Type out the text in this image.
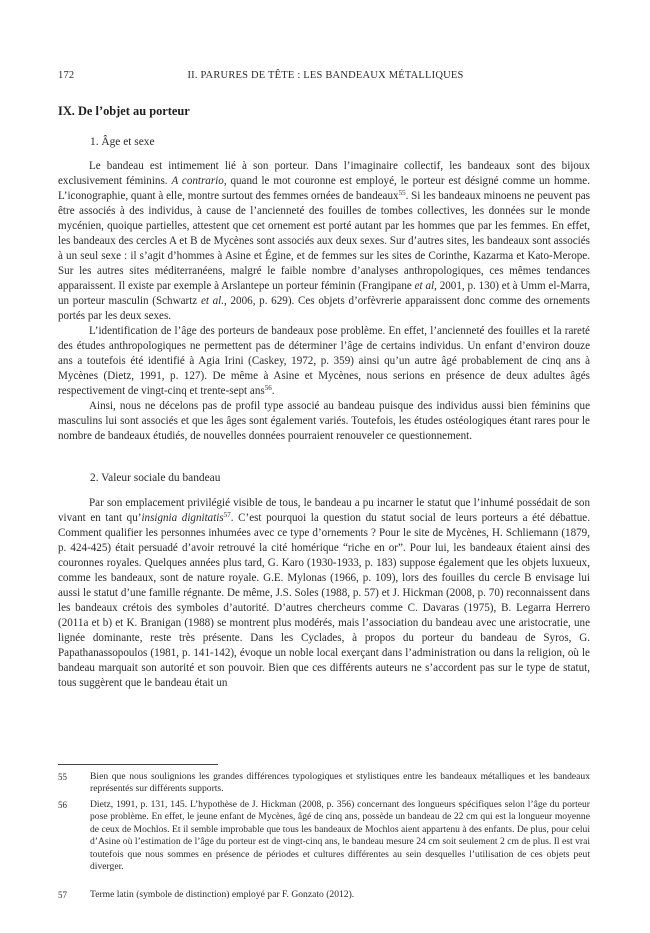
172	II. PARURES DE TÊTE : LES BANDEAUX MÉTALLIQUES
IX. De l’objet au porteur
1. Âge et sexe

Le bandeau est intimement lié à son porteur. Dans l’imaginaire collectif, les bandeaux sont des bijoux exclusivement féminins. A contrario, quand le mot couronne est employé, le porteur est désigné comme un homme. L’iconographie, quant à elle, montre surtout des femmes ornées de bandeaux$^{55}$. Si les bandeaux minoens ne peuvent pas être associés à des individus, à cause de l’ancienneté des fouilles de tombes collectives, les données sur le monde mycénien, quoique partielles, attestent que cet ornement est porté autant par les hommes que par les femmes. En effet, les bandeaux des cercles A et B de Mycènes sont associés aux deux sexes. Sur d’autres sites, les bandeaux sont associés à un seul sexe : il s’agit d’hommes à Asine et Égine, et de femmes sur les sites de Corinthe, Kazarma et Kato-Merope. Sur les autres sites méditerranéens, malgré le faible nombre d’analyses anthropologiques, ces mêmes tendances apparaissent. Il existe par exemple à Arslantepe un porteur féminin (Frangipane et al, 2001, p. 130) et à Umm el-Marra, un porteur masculin (Schwartz et al., 2006, p. 629). Ces objets d’orfèvrerie apparaissent donc comme des ornements portés par les deux sexes.

L’identification de l’âge des porteurs de bandeaux pose problème. En effet, l’ancienneté des fouilles et la rareté des études anthropologiques ne permettent pas de déterminer l’âge de certains individus. Un enfant d’environ douze ans a toutefois été identifié à Agia Irini (Caskey, 1972, p. 359) ainsi qu’un autre âgé probablement de cinq ans à Mycènes (Dietz, 1991, p. 127). De même à Asine et Mycènes, nous serions en présence de deux adultes âgés respectivement de vingt-cinq et trente-sept ans$^{56}$.

Ainsi, nous ne décelons pas de profil type associé au bandeau puisque des individus aussi bien féminins que masculins lui sont associés et que les âges sont également variés. Toutefois, les études ostéologiques étant rares pour le nombre de bandeaux étudiés, de nouvelles données pourraient renouveler ce questionnement.

2. Valeur sociale du bandeau

Par son emplacement privilégié visible de tous, le bandeau a pu incarner le statut que l’inhumé possédait de son vivant en tant qu’insignia dignitatis$^{57}$. C’est pourquoi la question du statut social de leurs porteurs a été débattue. Comment qualifier les personnes inhumées avec ce type d’ornements ? Pour le site de Mycènes, H. Schliemann (1879, p. 424-425) était persuadé d’avoir retrouvé la cité homérique “riche en or”. Pour lui, les bandeaux étaient ainsi des couronnes royales. Quelques années plus tard, G. Karo (1930-1933, p. 183) suppose également que les objets luxueux, comme les bandeaux, sont de nature royale. G.E. Mylonas (1966, p. 109), lors des fouilles du cercle B envisage lui aussi le statut d’une famille régnante. De même, J.S. Soles (1988, p. 57) et J. Hickman (2008, p. 70) reconnaissent dans les bandeaux crétois des symboles d’autorité. D’autres chercheurs comme C. Davaras (1975), B. Legarra Herrero (2011a et b) et K. Branigan (1988) se montrent plus modérés, mais l’association du bandeau avec une aristocratie, une lignée dominante, reste très présente. Dans les Cyclades, à propos du porteur du bandeau de Syros, G. Papathanassopoulos (1981, p. 141-142), évoque un noble local exerçant dans l’administration ou dans la religion, où le bandeau marquait son autorité et son pouvoir. Bien que ces différents auteurs ne s’accordent pas sur le type de statut, tous suggèrent que le bandeau était un

55 Bien que nous soulignions les grandes différences typologiques et stylistiques entre les bandeaux métalliques et les bandeaux représentés sur différents supports.
56 Dietz, 1991, p. 131, 145. L’hypothèse de J. Hickman (2008, p. 356) concernant des longueurs spécifiques selon l’âge du porteur pose problème. En effet, le jeune enfant de Mycènes, âgé de cinq ans, possède un bandeau de 22 cm qui est la longueur moyenne de ceux de Mochlos. Et il semble improbable que tous les bandeaux de Mochlos aient appartenu à des enfants. De plus, pour celui d’Asine où l’estimation de l’âge du porteur est de vingt-cinq ans, le bandeau mesure 24 cm soit seulement 2 cm de plus. Il est vrai toutefois que nous sommes en présence de périodes et cultures différentes au sein desquelles l’utilisation de ces objets peut diverger.
57 Terme latin (symbole de distinction) employé par F. Gonzato (2012).
